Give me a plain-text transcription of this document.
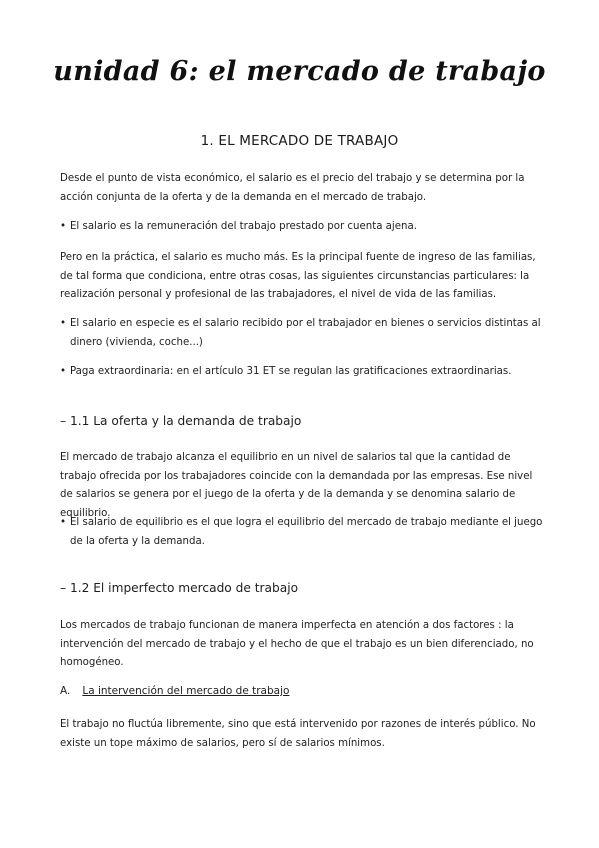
unidad 6: el mercado de trabajo
1. EL MERCADO DE TRABAJO

Desde el punto de vista económico, el salario es el precio del trabajo y se determina por la acción conjunta de la oferta y de la demanda en el mercado de trabajo.

• El salario es la remuneración del trabajo prestado por cuenta ajena.

Pero en la práctica, el salario es mucho más. Es la principal fuente de ingreso de las familias, de tal forma que condiciona, entre otras cosas, las siguientes circunstancias particulares: la realización personal y profesional de las trabajadores, el nivel de vida de las familias.

• El salario en especie es el salario recibido por el trabajador en bienes o servicios distintas al dinero (vivienda, coche...)
• Paga extraordinaria: en el artículo 31 ET se regulan las gratificaciones extraordinarias.
– 1.1 La oferta y la demanda de trabajo

El mercado de trabajo alcanza el equilibrio en un nivel de salarios tal que la cantidad de trabajo ofrecida por los trabajadores coincide con la demandada por las empresas. Ese nivel de salarios se genera por el juego de la oferta y de la demanda y se denomina salario de equilibrio.

• El salario de equilibrio es el que logra el equilibrio del mercado de trabajo mediante el juego de la oferta y la demanda.
– 1.2 El imperfecto mercado de trabajo

Los mercados de trabajo funcionan de manera imperfecta en atención a dos factores : la intervención del mercado de trabajo y el hecho de que el trabajo es un bien diferenciado, no homogéneo.

A. La intervención del mercado de trabajo

El trabajo no fluctúa libremente, sino que está intervenido por razones de interés público. No existe un tope máximo de salarios, pero sí de salarios mínimos.
